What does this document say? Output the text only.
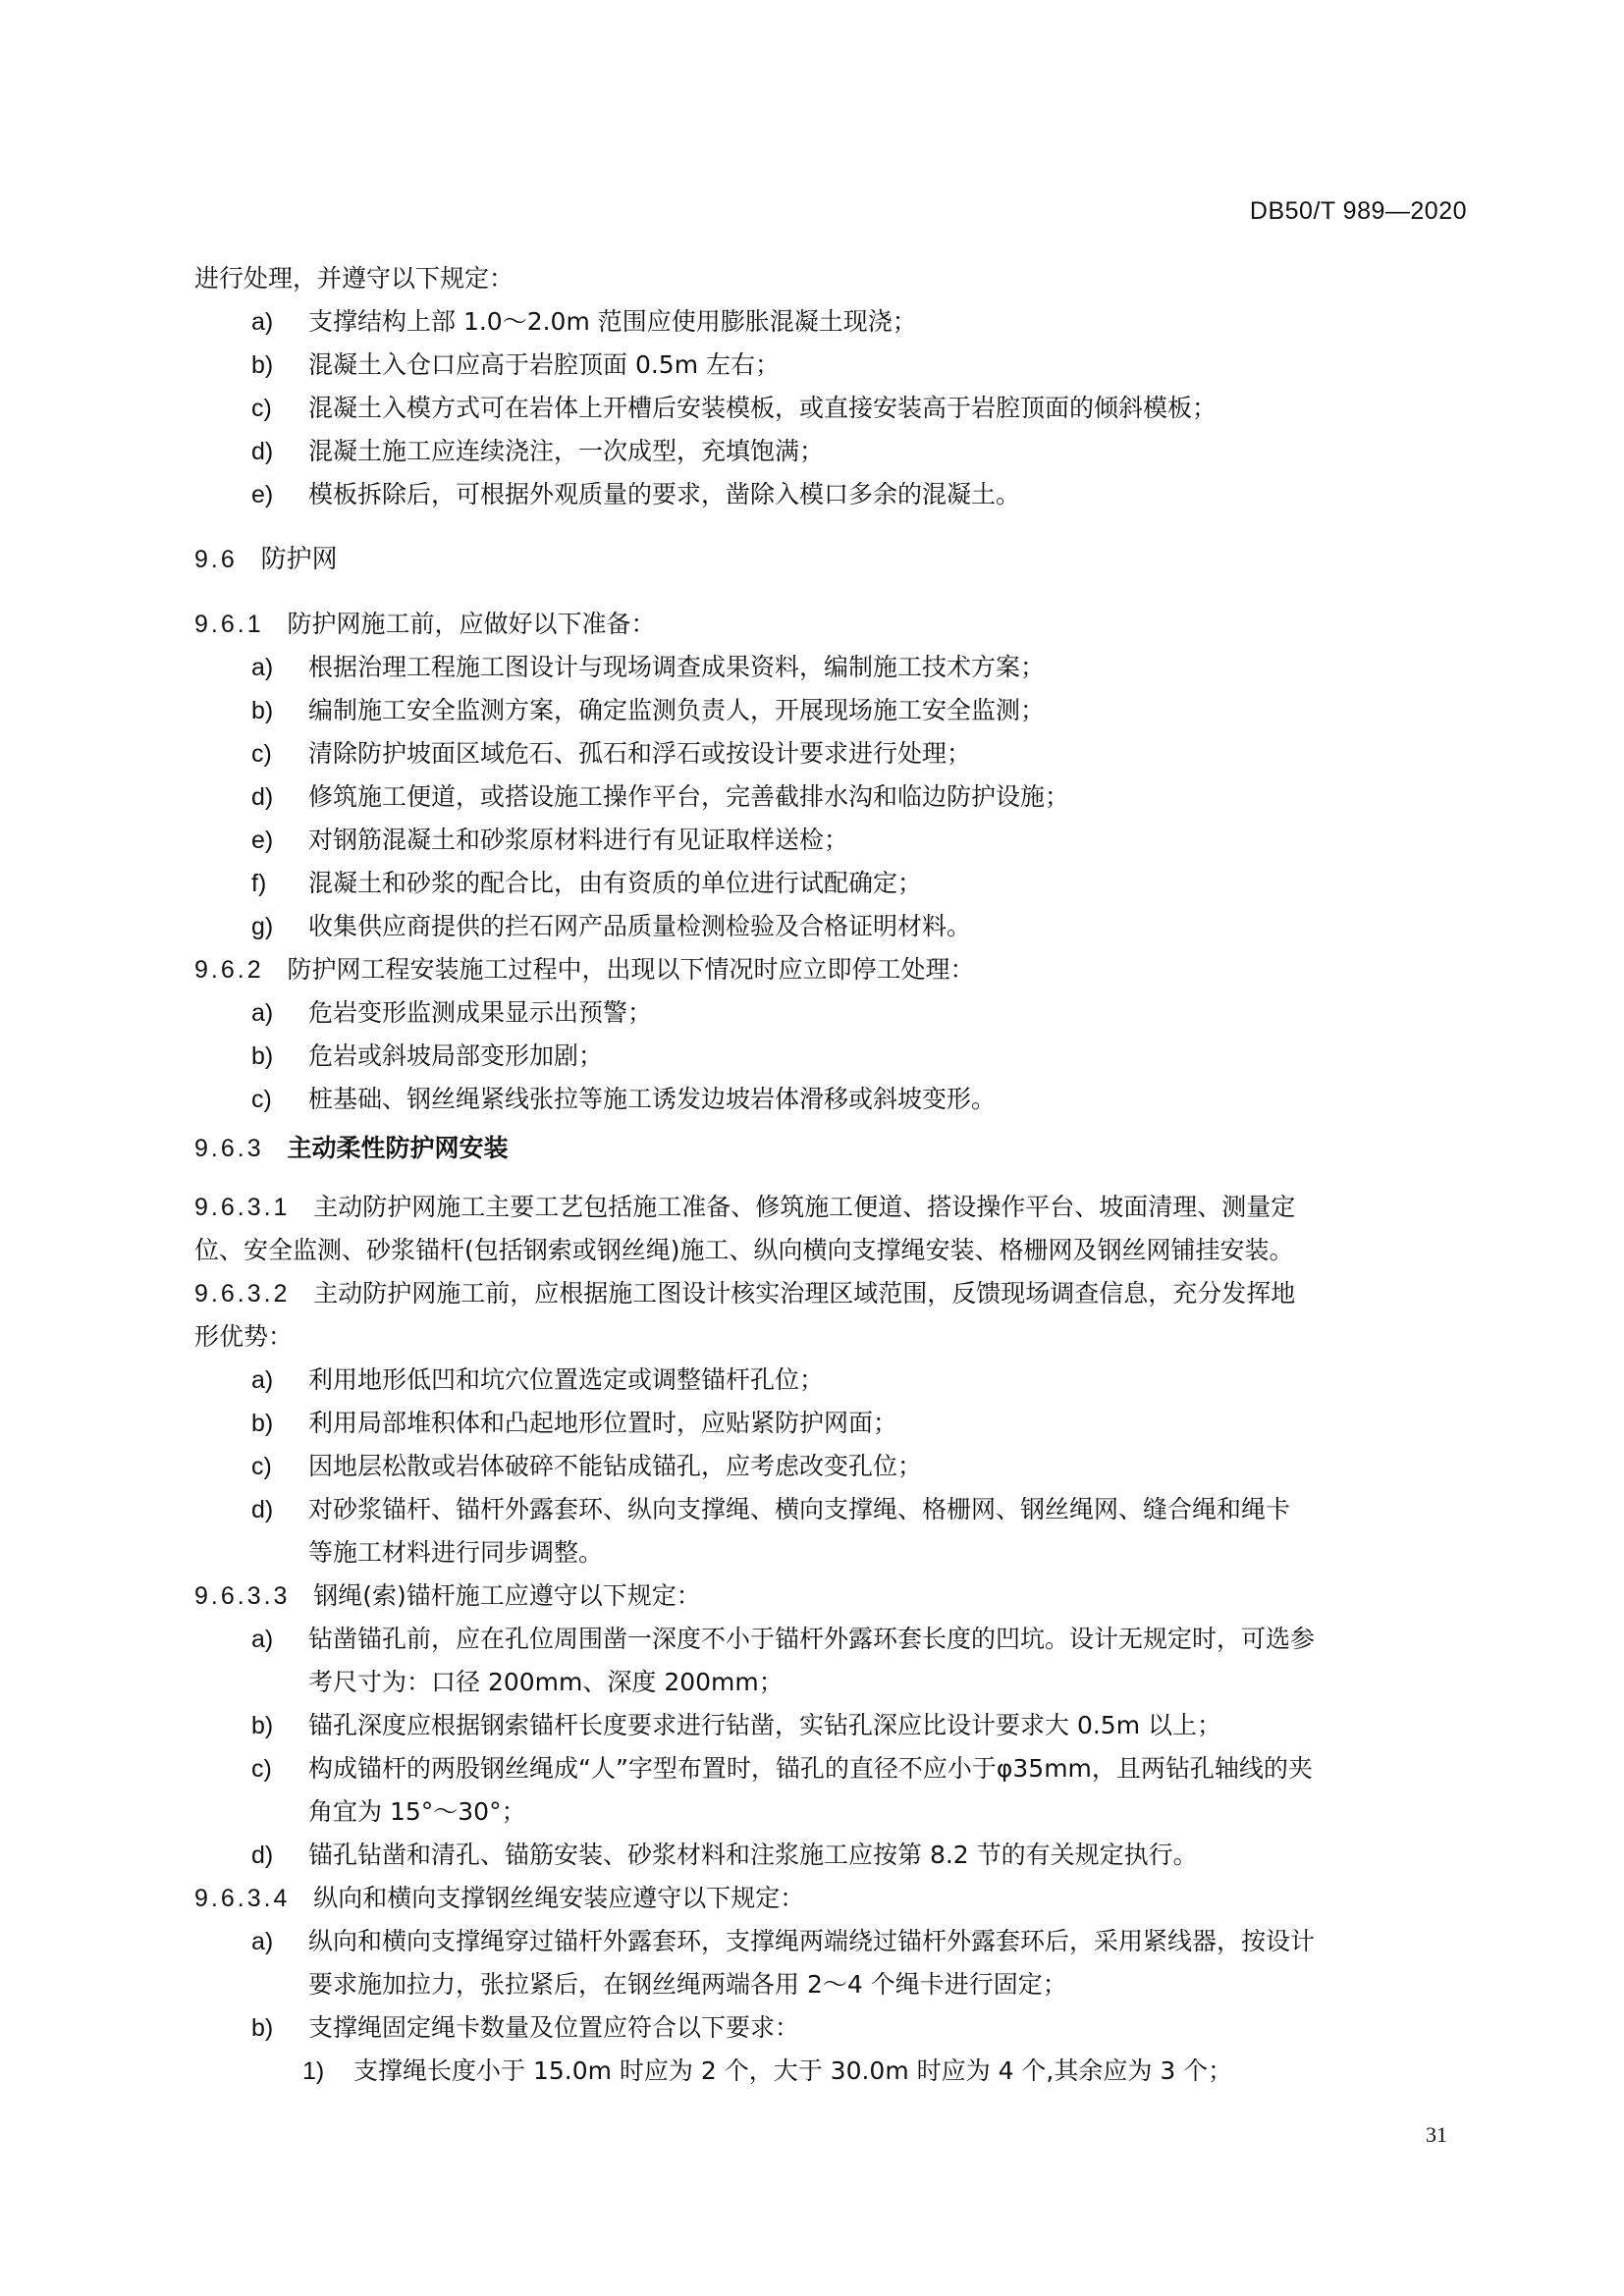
DB50/T 989—2020
进行处理，并遵守以下规定：
a) 支撑结构上部 1.0～2.0m 范围应使用膨胀混凝土现浇；
b) 混凝土入仓口应高于岩腔顶面 0.5m 左右；
c) 混凝土入模方式可在岩体上开槽后安装模板，或直接安装高于岩腔顶面的倾斜模板；
d) 混凝土施工应连续浇注，一次成型，充填饱满；
e) 模板拆除后，可根据外观质量的要求，凿除入模口多余的混凝土。
9.6 防护网
9.6.1 防护网施工前，应做好以下准备：
a) 根据治理工程施工图设计与现场调查成果资料，编制施工技术方案；
b) 编制施工安全监测方案，确定监测负责人，开展现场施工安全监测；
c) 清除防护坡面区域危石、孤石和浮石或按设计要求进行处理；
d) 修筑施工便道，或搭设施工操作平台，完善截排水沟和临边防护设施；
e) 对钢筋混凝土和砂浆原材料进行有见证取样送检；
f) 混凝土和砂浆的配合比，由有资质的单位进行试配确定；
g) 收集供应商提供的拦石网产品质量检测检验及合格证明材料。
9.6.2 防护网工程安装施工过程中，出现以下情况时应立即停工处理：
a) 危岩变形监测成果显示出预警；
b) 危岩或斜坡局部变形加剧；
c) 桩基础、钢丝绳紧线张拉等施工诱发边坡岩体滑移或斜坡变形。
9.6.3 主动柔性防护网安装
9.6.3.1 主动防护网施工主要工艺包括施工准备、修筑施工便道、搭设操作平台、坡面清理、测量定
位、安全监测、砂浆锚杆(包括钢索或钢丝绳)施工、纵向横向支撑绳安装、格栅网及钢丝网铺挂安装。
9.6.3.2 主动防护网施工前，应根据施工图设计核实治理区域范围，反馈现场调查信息，充分发挥地
形优势：
a) 利用地形低凹和坑穴位置选定或调整锚杆孔位；
b) 利用局部堆积体和凸起地形位置时，应贴紧防护网面；
c) 因地层松散或岩体破碎不能钻成锚孔，应考虑改变孔位；
d) 对砂浆锚杆、锚杆外露套环、纵向支撑绳、横向支撑绳、格栅网、钢丝绳网、缝合绳和绳卡
等施工材料进行同步调整。
9.6.3.3 钢绳(索)锚杆施工应遵守以下规定：
a) 钻凿锚孔前，应在孔位周围凿一深度不小于锚杆外露环套长度的凹坑。设计无规定时，可选参
考尺寸为：口径 200mm、深度 200mm；
b) 锚孔深度应根据钢索锚杆长度要求进行钻凿，实钻孔深应比设计要求大 0.5m 以上；
c) 构成锚杆的两股钢丝绳成“人”字型布置时，锚孔的直径不应小于φ35mm，且两钻孔轴线的夹
角宜为 15°～30°；
d) 锚孔钻凿和清孔、锚筋安装、砂浆材料和注浆施工应按第 8.2 节的有关规定执行。
9.6.3.4 纵向和横向支撑钢丝绳安装应遵守以下规定：
a) 纵向和横向支撑绳穿过锚杆外露套环，支撑绳两端绕过锚杆外露套环后，采用紧线器，按设计
要求施加拉力，张拉紧后，在钢丝绳两端各用 2～4 个绳卡进行固定；
b) 支撑绳固定绳卡数量及位置应符合以下要求：
1) 支撑绳长度小于 15.0m 时应为 2 个，大于 30.0m 时应为 4 个,其余应为 3 个；
31
